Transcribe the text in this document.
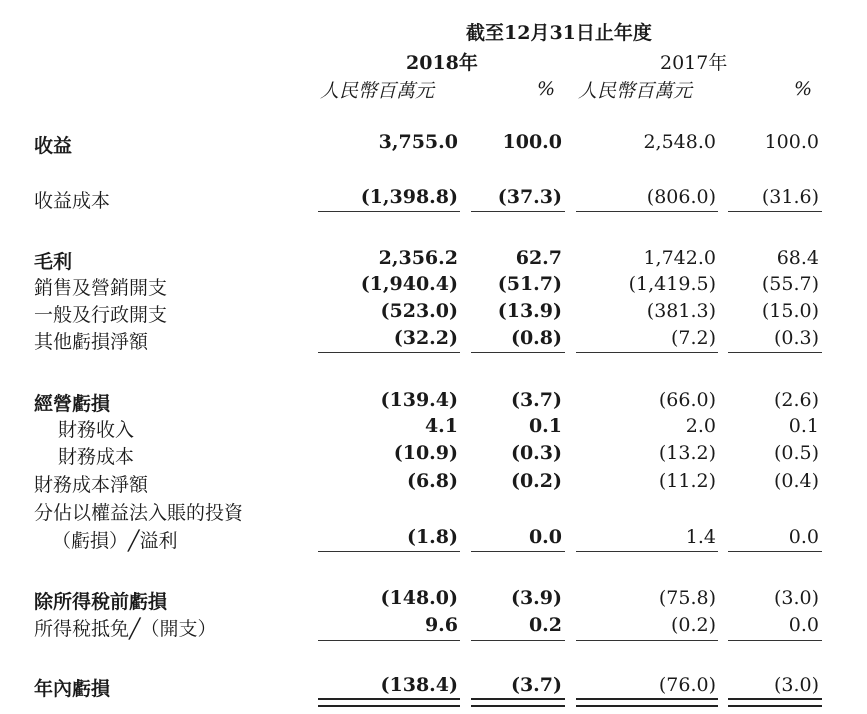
截至12月31日止年度
2018年	2017年
人民幣百萬元	% 人民幣百萬元	%
收益	3,755.0	100.0	2,548.0	100.0
收益成本	(1,398.8)	(37.3)	(806.0)	(31.6)
毛利	2,356.2	62.7	1,742.0	68.4
銷售及營銷開支	(1,940.4)	(51.7)	(1,419.5)	(55.7)
一般及行政開支	(523.0)	(13.9)	(381.3)	(15.0)
其他虧損淨額	(32.2)	(0.8)	(7.2)	(0.3)
經營虧損	(139.4)	(3.7)	(66.0)	(2.6)
財務收入	4.1	0.1	2.0	0.1
財務成本	(10.9)	(0.3)	(13.2)	(0.5)
財務成本淨額	(6.8)	(0.2)	(11.2)	(0.4)
分佔以權益法入賬的投資
（虧損）╱溢利	(1.8)	0.0	1.4	0.0
除所得稅前虧損	(148.0)	(3.9)	(75.8)	(3.0)
所得稅抵免╱（開支）	9.6	0.2	(0.2)	0.0
年內虧損	(138.4)	(3.7)	(76.0)	(3.0)
